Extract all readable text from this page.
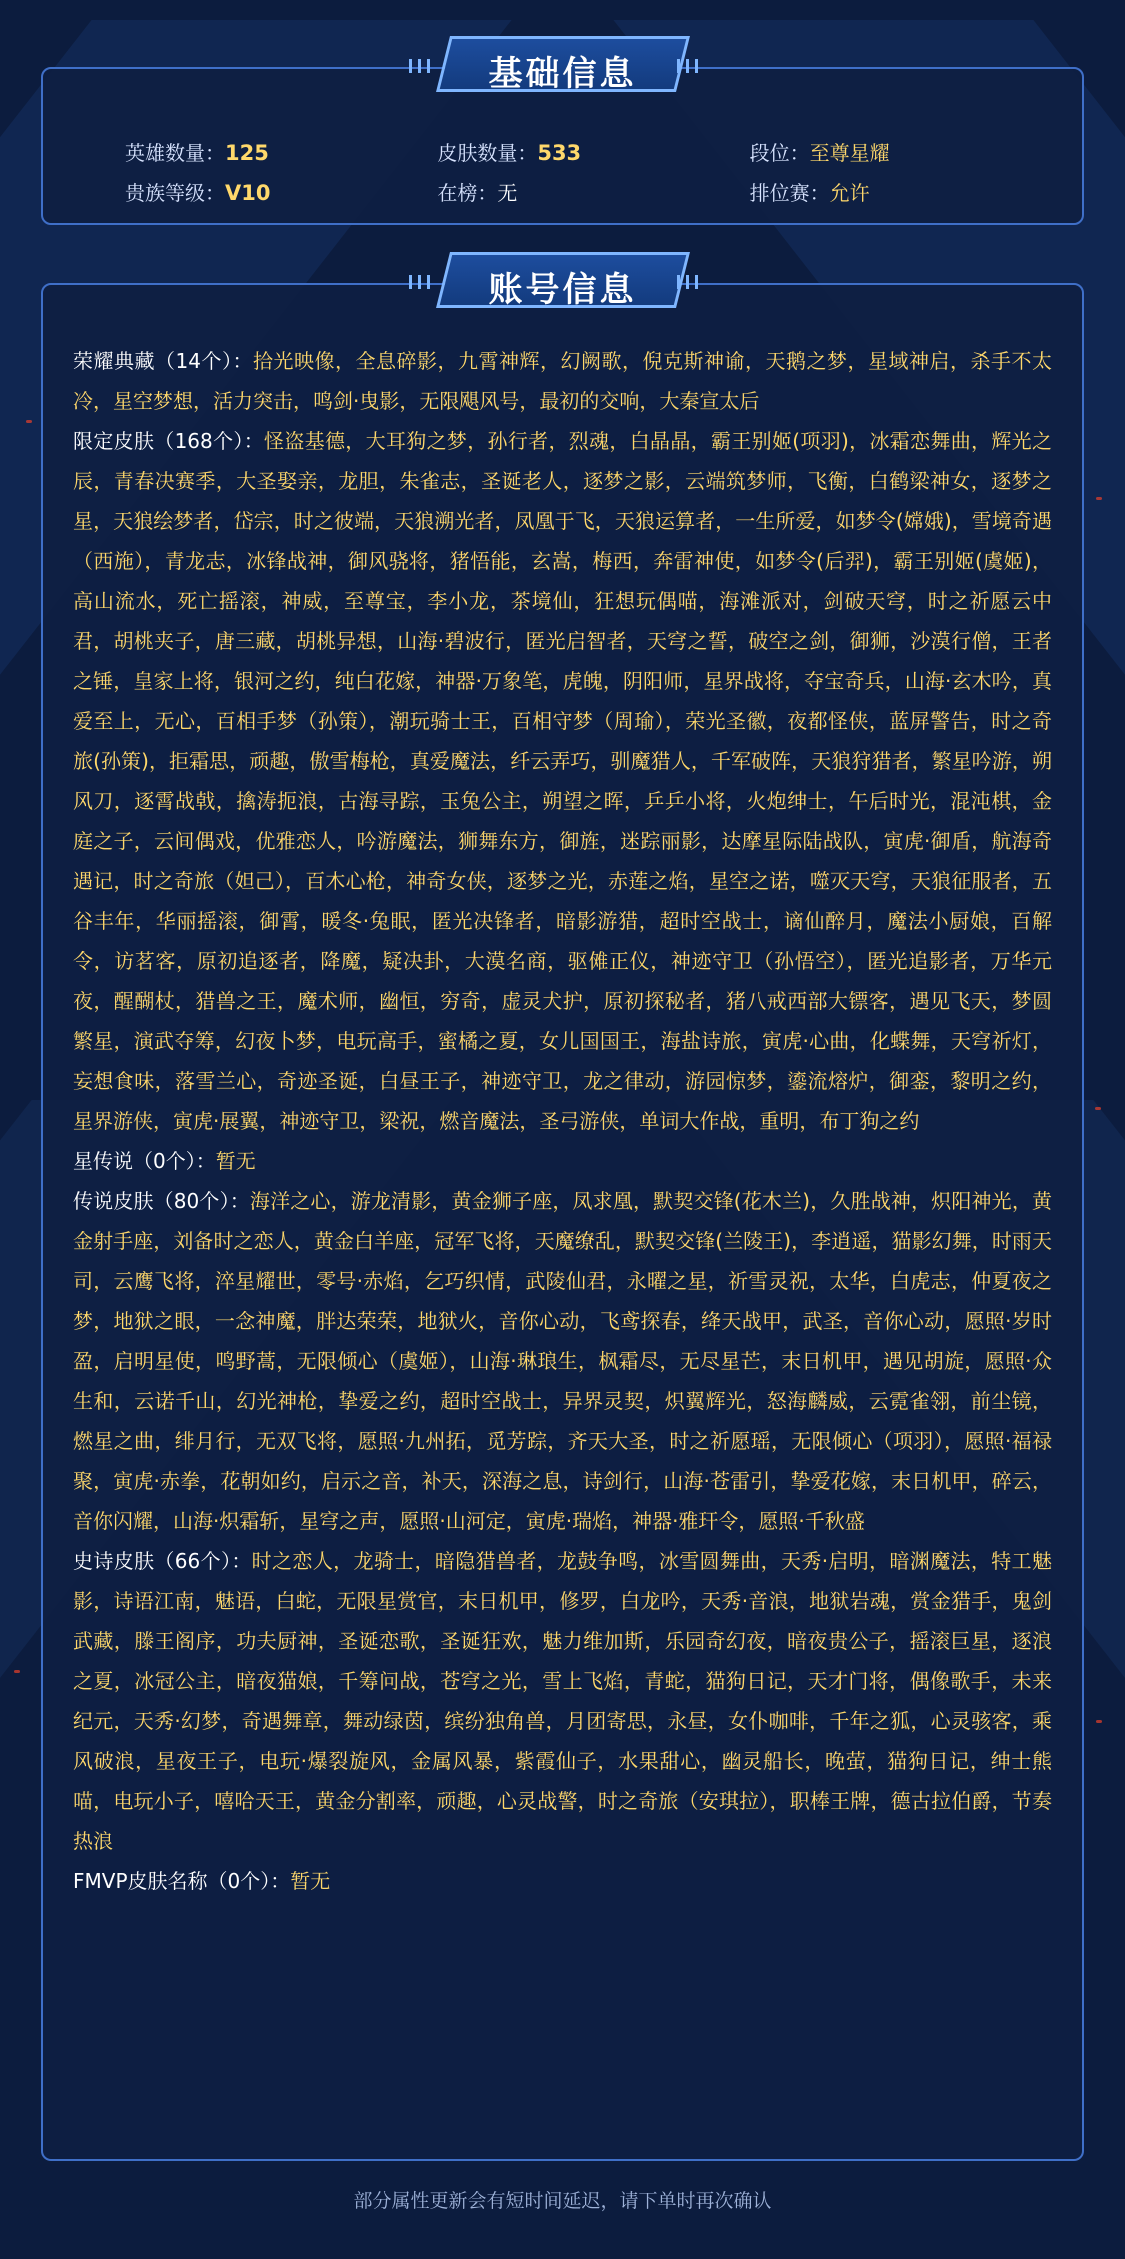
英雄数量：125	皮肤数量：533	段位：至尊星耀
贵族等级：V10	在榜：无	排位赛：允许
基础信息
荣耀典藏（14个）：拾光映像，全息碎影，九霄神辉，幻阙歌，倪克斯神谕，天鹅之梦，星域神启，杀手不太冷，星空梦想，活力突击，鸣剑·曳影，无限飓风号，最初的交响，大秦宣太后
限定皮肤（168个）：怪盗基德，大耳狗之梦，孙行者，烈魂，白晶晶，霸王别姬(项羽)，冰霜恋舞曲，辉光之辰，青春决赛季，大圣娶亲，龙胆，朱雀志，圣诞老人，逐梦之影，云端筑梦师，飞衡，白鹤梁神女，逐梦之星，天狼绘梦者，岱宗，时之彼端，天狼溯光者，凤凰于飞，天狼运算者，一生所爱，如梦令(嫦娥)，雪境奇遇（西施），青龙志，冰锋战神，御风骁将，猪悟能，玄嵩，梅西，奔雷神使，如梦令(后羿)，霸王别姬(虞姬)，高山流水，死亡摇滚，神威，至尊宝，李小龙，茶境仙，狂想玩偶喵，海滩派对，剑破天穹，时之祈愿云中君，胡桃夹子，唐三藏，胡桃异想，山海·碧波行，匿光启智者，天穹之誓，破空之剑，御狮，沙漠行僧，王者之锤，皇家上将，银河之约，纯白花嫁，神器·万象笔，虎魄，阴阳师，星界战将，夺宝奇兵，山海·玄木吟，真爱至上，无心，百相手梦（孙策），潮玩骑士王，百相守梦（周瑜），荣光圣徽，夜都怪侠，蓝屏警告，时之奇旅(孙策)，拒霜思，顽趣，傲雪梅枪，真爱魔法，纤云弄巧，驯魔猎人，千军破阵，天狼狩猎者，繁星吟游，朔风刀，逐霄战戟，擒涛扼浪，古海寻踪，玉兔公主，朔望之晖，乒乒小将，火炮绅士，午后时光，混沌棋，金庭之子，云间偶戏，优雅恋人，吟游魔法，狮舞东方，御旌，迷踪丽影，达摩星际陆战队，寅虎·御盾，航海奇遇记，时之奇旅（妲己），百木心枪，神奇女侠，逐梦之光，赤莲之焰，星空之诺，噬灭天穹，天狼征服者，五谷丰年，华丽摇滚，御霄，暖冬·兔眠，匿光决锋者，暗影游猎，超时空战士，谪仙醉月，魔法小厨娘，百解令，访茗客，原初追逐者，降魔，疑决卦，大漠名商，驱傩正仪，神迹守卫（孙悟空），匿光追影者，万华元夜，醒醐杖，猎兽之王，魔术师，幽恒，穷奇，虚灵犬护，原初探秘者，猪八戒西部大镖客，遇见飞天，梦圆繁星，演武夺筹，幻夜卜梦，电玩高手，蜜橘之夏，女儿国国王，海盐诗旅，寅虎·心曲，化蝶舞，天穹祈灯，妄想食味，落雪兰心，奇迹圣诞，白昼王子，神迹守卫，龙之律动，游园惊梦，鎏流熔炉，御銮，黎明之约，星界游侠，寅虎·展翼，神迹守卫，梁祝，燃音魔法，圣弓游侠，单词大作战，重明，布丁狗之约
星传说（0个）：暂无
传说皮肤（80个）：海洋之心，游龙清影，黄金狮子座，凤求凰，默契交锋(花木兰)，久胜战神，炽阳神光，黄金射手座，刘备时之恋人，黄金白羊座，冠军飞将，天魔缭乱，默契交锋(兰陵王)，李逍遥，猫影幻舞，时雨天司，云鹰飞将，淬星耀世，零号·赤焰，乞巧织情，武陵仙君，永曜之星，祈雪灵祝，太华，白虎志，仲夏夜之梦，地狱之眼，一念神魔，胖达荣荣，地狱火，音你心动，飞鸢探春，绛天战甲，武圣，音你心动，愿照·岁时盈，启明星使，鸣野蒿，无限倾心（虞姬），山海·琳琅生，枫霜尽，无尽星芒，末日机甲，遇见胡旋，愿照·众生和，云诺千山，幻光神枪，挚爱之约，超时空战士，异界灵契，炽翼辉光，怒海麟威，云霓雀翎，前尘镜，燃星之曲，绯月行，无双飞将，愿照·九州拓，觅芳踪，齐天大圣，时之祈愿瑶，无限倾心（项羽），愿照·福禄聚，寅虎·赤拳，花朝如约，启示之音，补天，深海之息，诗剑行，山海·苍雷引，挚爱花嫁，末日机甲，碎云，音你闪耀，山海·炽霜斩，星穹之声，愿照·山河定，寅虎·瑞焰，神器·雅玕令，愿照·千秋盛
史诗皮肤（66个）：时之恋人，龙骑士，暗隐猎兽者，龙鼓争鸣，冰雪圆舞曲，天秀·启明，暗渊魔法，特工魅影，诗语江南，魅语，白蛇，无限星赏官，末日机甲，修罗，白龙吟，天秀·音浪，地狱岩魂，赏金猎手，鬼剑武藏，滕王阁序，功夫厨神，圣诞恋歌，圣诞狂欢，魅力维加斯，乐园奇幻夜，暗夜贵公子，摇滚巨星，逐浪之夏，冰冠公主，暗夜猫娘，千筹问战，苍穹之光，雪上飞焰，青蛇，猫狗日记，天才门将，偶像歌手，未来纪元，天秀·幻梦，奇遇舞章，舞动绿茵，缤纷独角兽，月团寄思，永昼，女仆咖啡，千年之狐，心灵骇客，乘风破浪，星夜王子，电玩·爆裂旋风，金属风暴，紫霞仙子，水果甜心，幽灵船长，晚萤，猫狗日记，绅士熊喵，电玩小子，嘻哈天王，黄金分割率，顽趣，心灵战警，时之奇旅（安琪拉），职棒王牌，德古拉伯爵，节奏热浪
FMVP皮肤名称（0个）：暂无
账号信息
部分属性更新会有短时间延迟，请下单时再次确认
